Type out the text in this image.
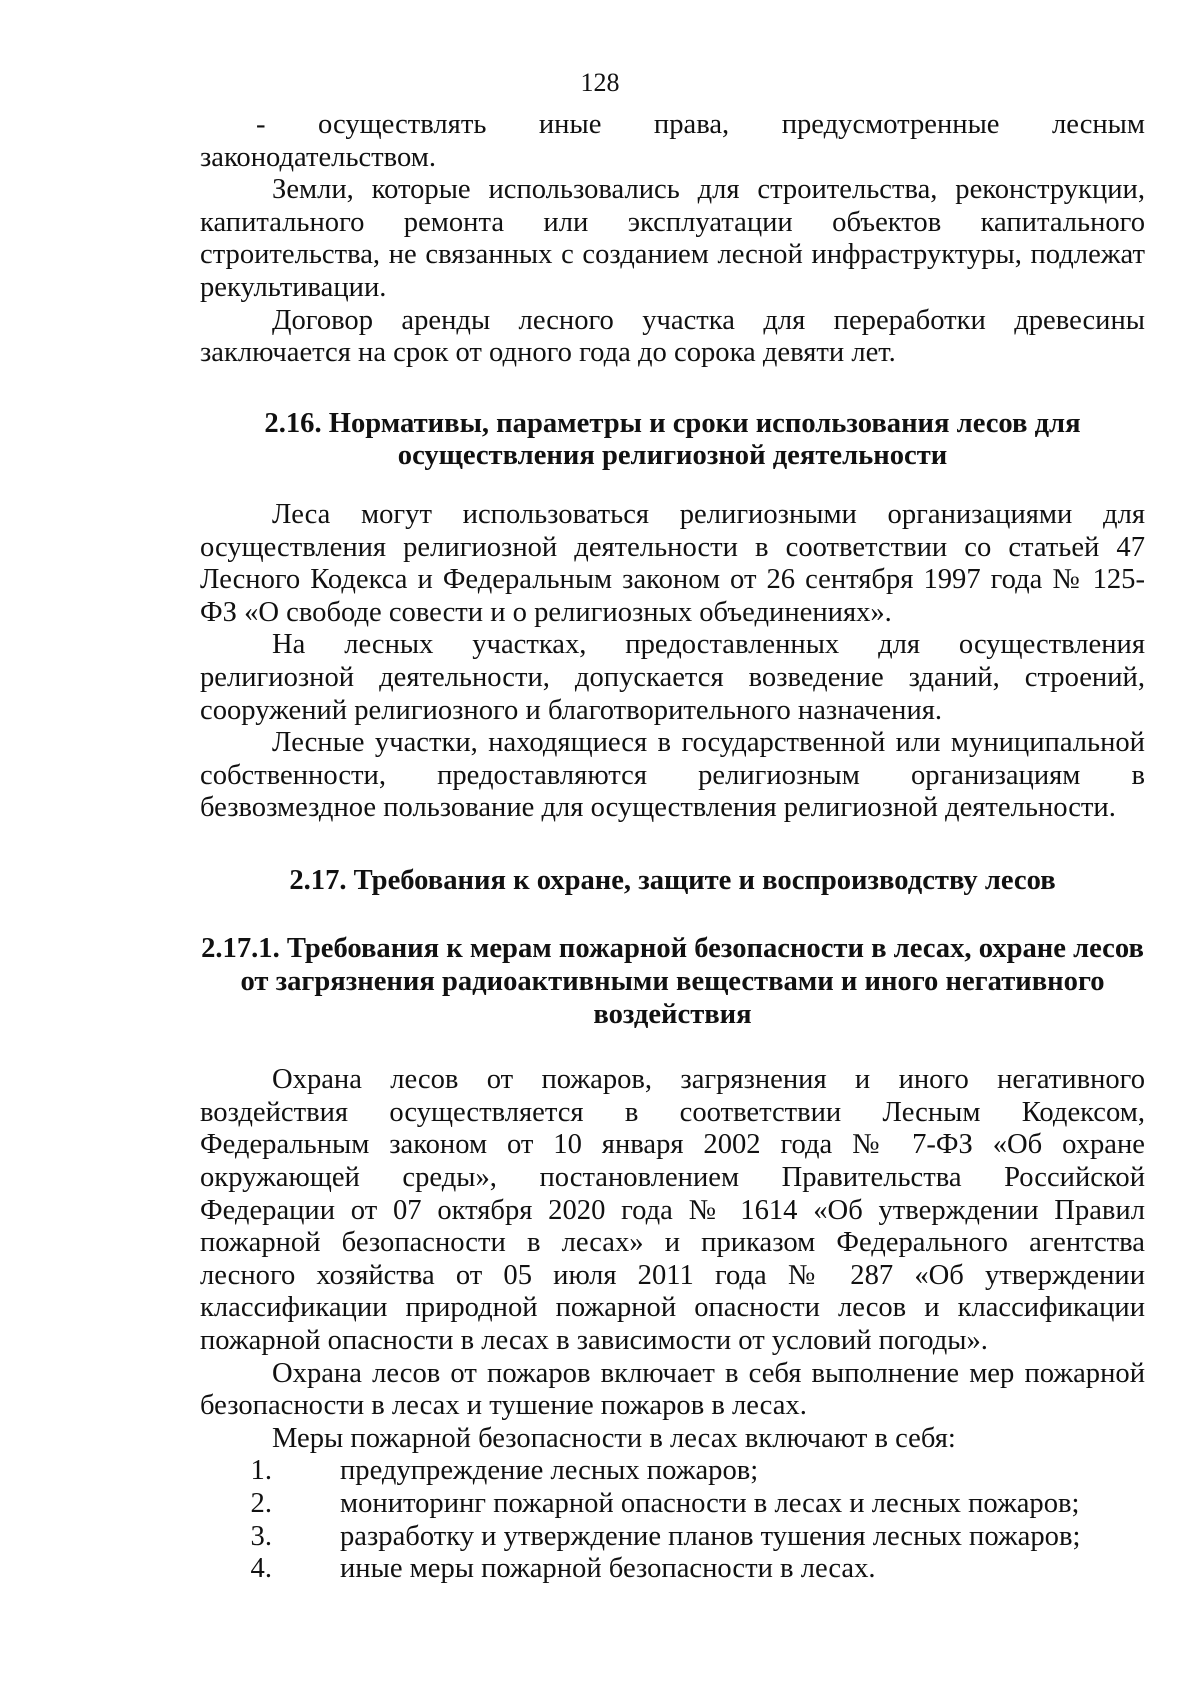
128
- осуществлять иные права, предусмотренные лесным

законодательством.

Земли, которые использовались для строительства, реконструкции, капитального ремонта или эксплуатации объектов капитального строительства, не связанных с созданием лесной инфраструктуры, подлежат рекультивации.

Договор аренды лесного участка для переработки древесины заключается на срок от одного года до сорока девяти лет.

2.16. Нормативы, параметры и сроки использования лесов для

осуществления религиозной деятельности

Леса могут использоваться религиозными организациями для осуществления религиозной деятельности в соответствии со статьей 47 Лесного Кодекса и Федеральным законом от 26 сентября 1997 года № 125-ФЗ «О свободе совести и о религиозных объединениях».

На лесных участках, предоставленных для осуществления религиозной деятельности, допускается возведение зданий, строений, сооружений религиозного и благотворительного назначения.

Лесные участки, находящиеся в государственной или муниципальной собственности, предоставляются религиозным организациям в безвозмездное пользование для осуществления религиозной деятельности.

2.17. Требования к охране, защите и воспроизводству лесов

2.17.1. Требования к мерам пожарной безопасности в лесах, охране лесов

от загрязнения радиоактивными веществами и иного негативного

воздействия

Охрана лесов от пожаров, загрязнения и иного негативного воздействия осуществляется в соответствии Лесным Кодексом, Федеральным законом от 10 января 2002 года № 7-ФЗ «Об охране окружающей среды», постановлением Правительства Российской Федерации от 07 октября 2020 года № 1614 «Об утверждении Правил пожарной безопасности в лесах» и приказом Федерального агентства лесного хозяйства от 05 июля 2011 года № 287 «Об утверждении классификации природной пожарной опасности лесов и классификации пожарной опасности в лесах в зависимости от условий погоды».

Охрана лесов от пожаров включает в себя выполнение мер пожарной безопасности в лесах и тушение пожаров в лесах.

Меры пожарной безопасности в лесах включают в себя:

1.	предупреждение лесных пожаров;
2.	мониторинг пожарной опасности в лесах и лесных пожаров;
3.	разработку и утверждение планов тушения лесных пожаров;
4.	иные меры пожарной безопасности в лесах.
